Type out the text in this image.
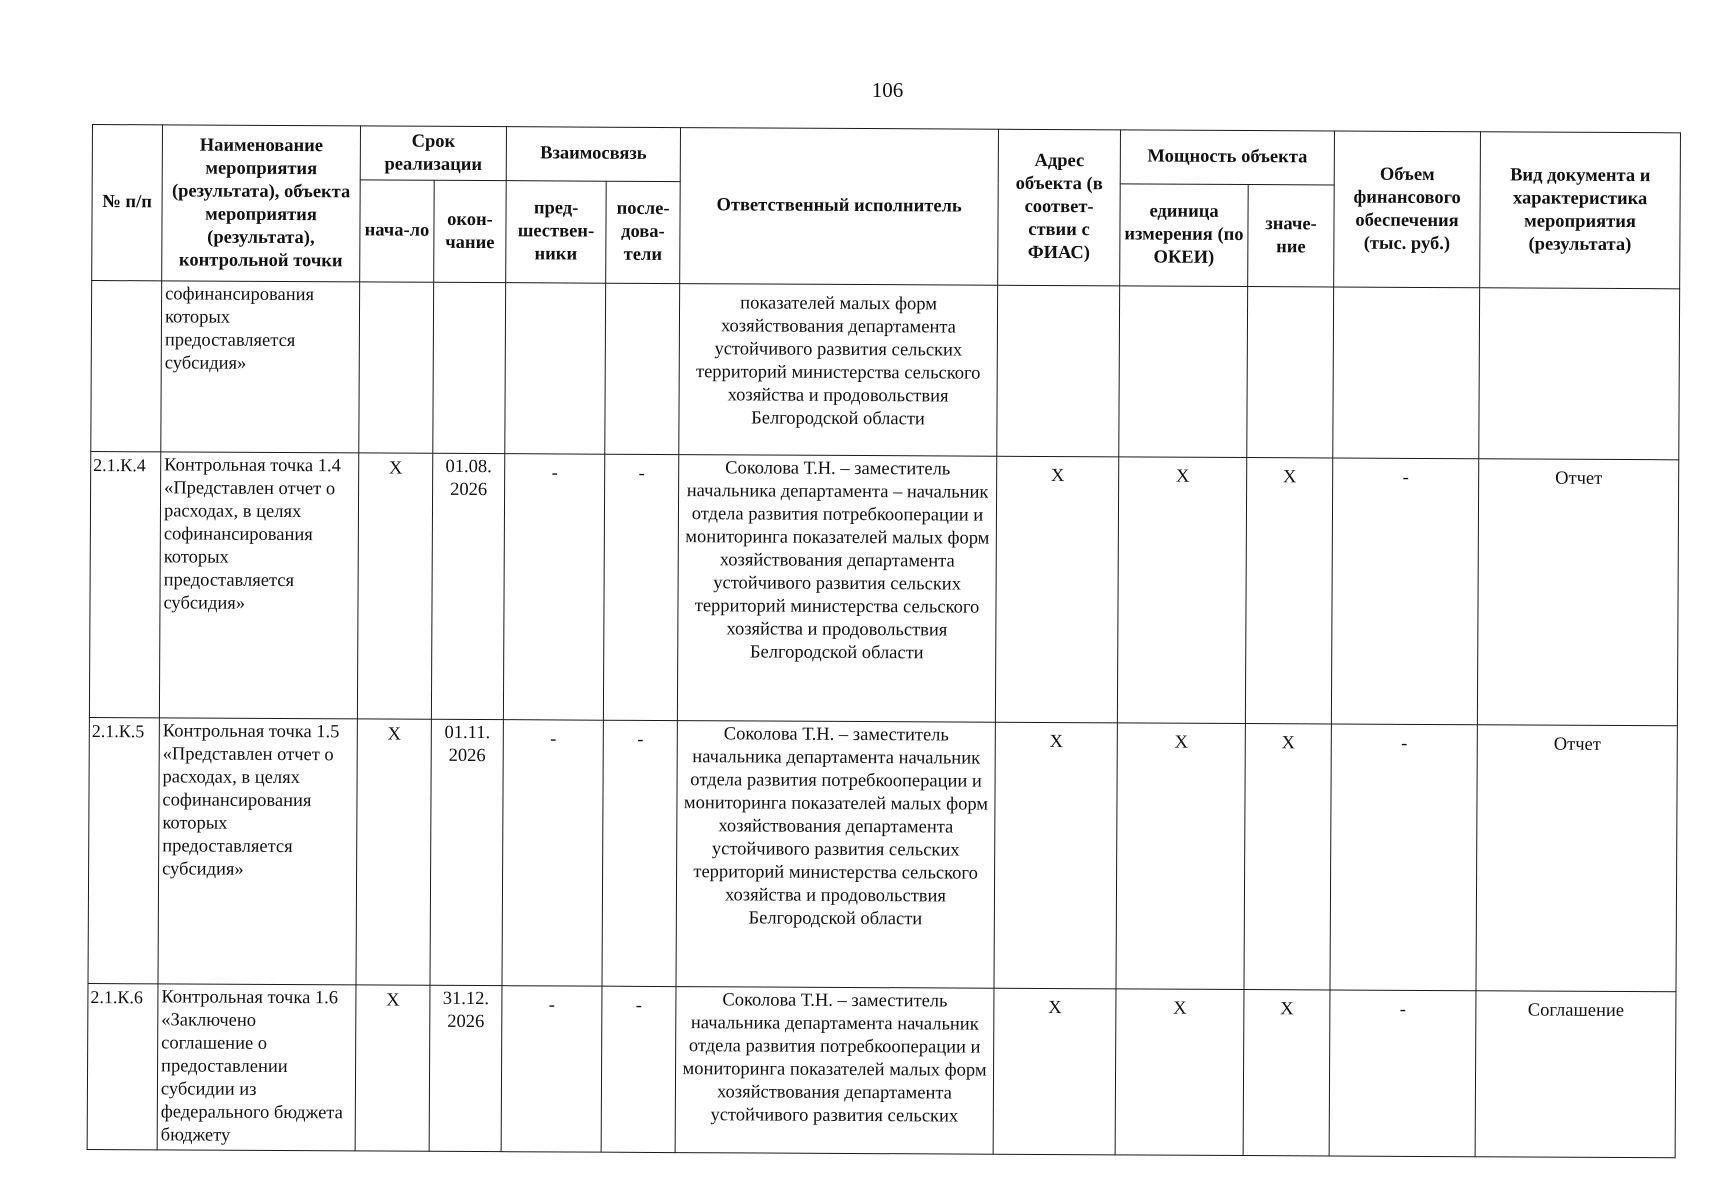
106
№ п/п	Наименование мероприятия (результата), объекта мероприятия (результата), контрольной точки	Срок реализации		Взаимосвязь		Ответственный исполнитель	Адрес объекта (в соответ-ствии с ФИАС)	Мощность объекта		Объем финансового обеспечения (тыс. руб.)	Вид документа и характеристика мероприятия (результата)
		нача-ло	окон-чание	пред-шествен-ники	после-дова-тели			единица измерения (по ОКЕИ)	значе-ние		
	софинансирования которых предоставляется субсидия»					показателей малых форм хозяйствования департамента устойчивого развития сельских территорий министерства сельского хозяйства и продовольствия Белгородской области					
2.1.К.4	Контрольная точка 1.4 «Представлен отчет о расходах, в целях софинансирования которых предоставляется субсидия»	X	01.08. 2026	-	-	Соколова Т.Н. – заместитель начальника департамента – начальник отдела развития потребкооперации и мониторинга показателей малых форм хозяйствования департамента устойчивого развития сельских территорий министерства сельского хозяйства и продовольствия Белгородской области	X	X	X	-	Отчет
2.1.К.5	Контрольная точка 1.5 «Представлен отчет о расходах, в целях софинансирования которых предоставляется субсидия»	X	01.11. 2026	-	-	Соколова Т.Н. – заместитель начальника департамента начальник отдела развития потребкооперации и мониторинга показателей малых форм хозяйствования департамента устойчивого развития сельских территорий министерства сельского хозяйства и продовольствия Белгородской области	X	X	X	-	Отчет
2.1.К.6	Контрольная точка 1.6 «Заключено соглашение о предоставлении субсидии из федерального бюджета бюджету	X	31.12. 2026	-	-	Соколова Т.Н. – заместитель начальника департамента начальник отдела развития потребкооперации и мониторинга показателей малых форм хозяйствования департамента устойчивого развития сельских	X	X	X	-	Соглашение
